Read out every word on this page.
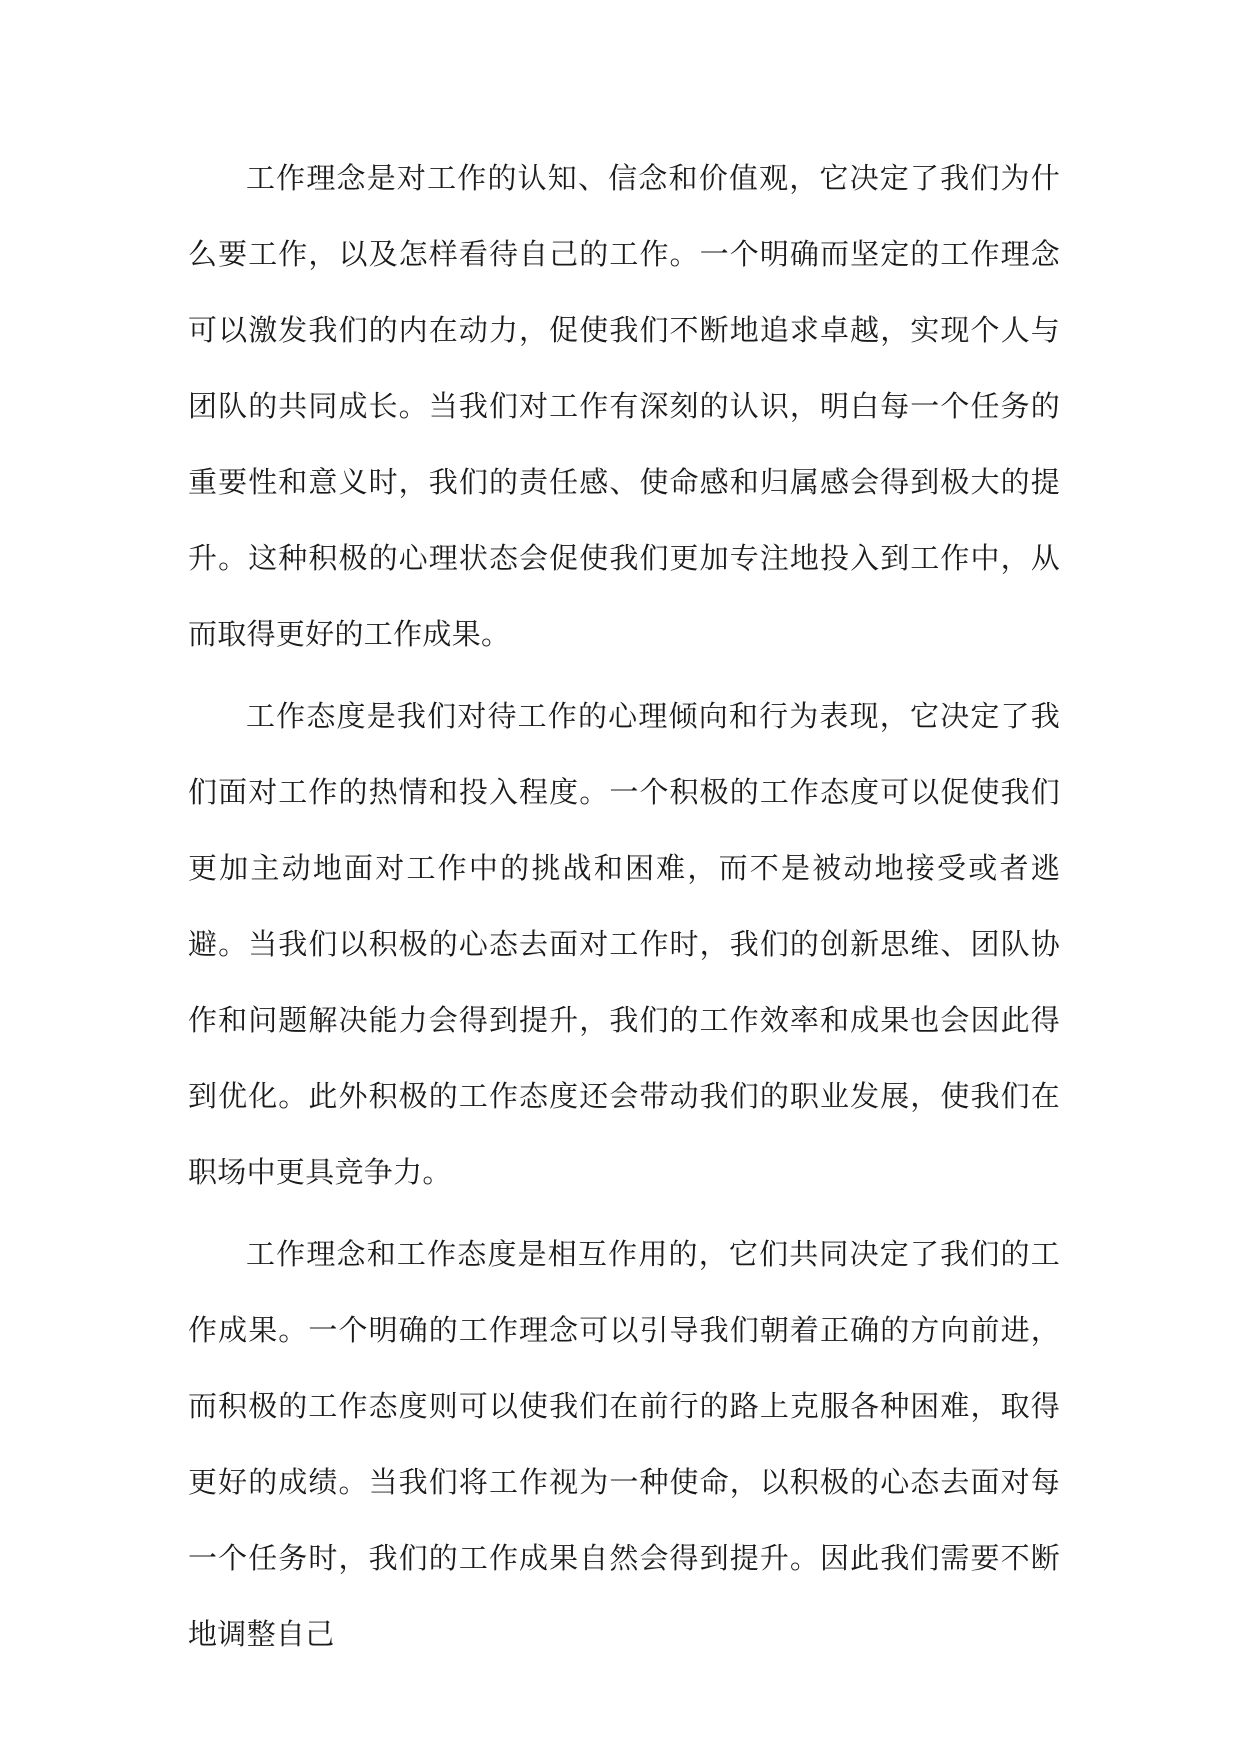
工作理念是对工作的认知、信念和价值观，它决定了我们为什么要工作，以及怎样看待自己的工作。一个明确而坚定的工作理念可以激发我们的内在动力，促使我们不断地追求卓越，实现个人与团队的共同成长。当我们对工作有深刻的认识，明白每一个任务的重要性和意义时，我们的责任感、使命感和归属感会得到极大的提升。这种积极的心理状态会促使我们更加专注地投入到工作中，从而取得更好的工作成果。

工作态度是我们对待工作的心理倾向和行为表现，它决定了我们面对工作的热情和投入程度。一个积极的工作态度可以促使我们更加主动地面对工作中的挑战和困难，而不是被动地接受或者逃避。当我们以积极的心态去面对工作时，我们的创新思维、团队协作和问题解决能力会得到提升，我们的工作效率和成果也会因此得到优化。此外积极的工作态度还会带动我们的职业发展，使我们在职场中更具竞争力。

工作理念和工作态度是相互作用的，它们共同决定了我们的工作成果。一个明确的工作理念可以引导我们朝着正确的方向前进，而积极的工作态度则可以使我们在前行的路上克服各种困难，取得更好的成绩。当我们将工作视为一种使命，以积极的心态去面对每一个任务时，我们的工作成果自然会得到提升。因此我们需要不断地调整自己
